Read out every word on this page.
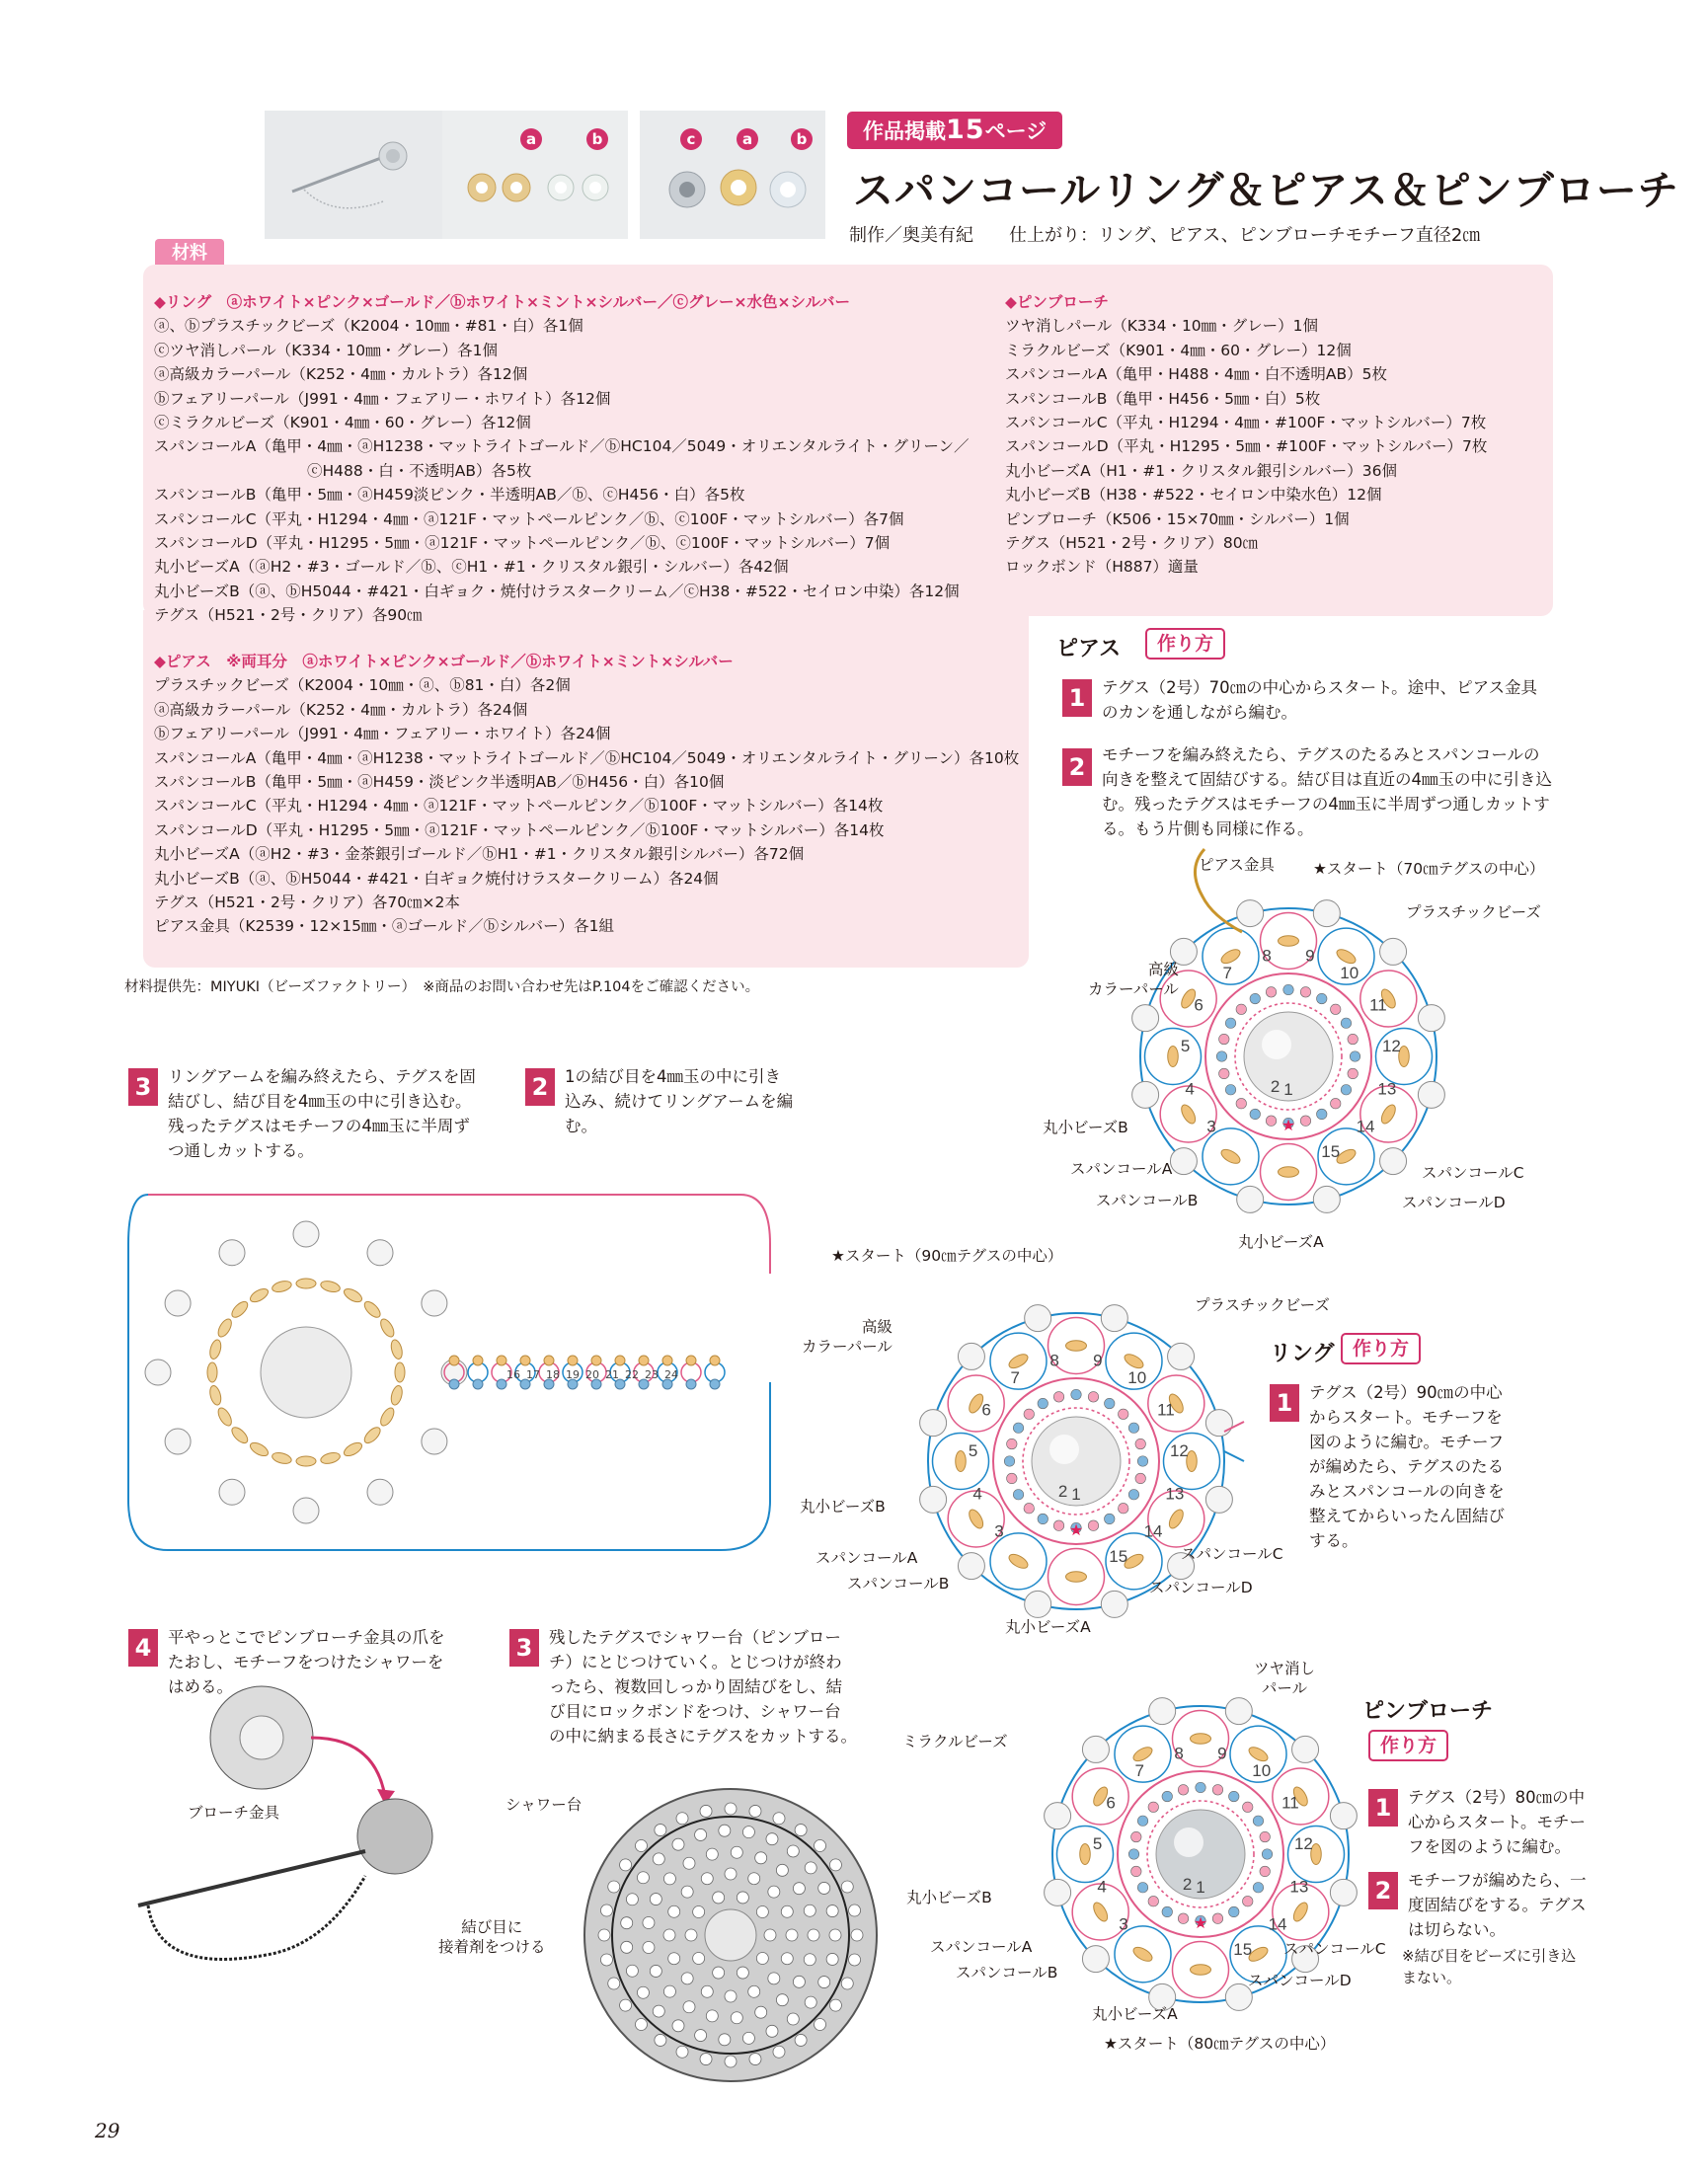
a	b	c	a	b	作品掲載15ページ
スパンコールリング＆ピアス＆ピンブローチ
制作／奥美有紀　　仕上がり：リング、ピアス、ピンブローチモチーフ直径2㎝
材料
◆リング　ⓐホワイト×ピンク×ゴールド／ⓑホワイト×ミント×シルバー／ⓒグレー×水色×シルバー
ⓐ、ⓑプラスチックビーズ（K2004・10㎜・#81・白）各1個
ⓒツヤ消しパール（K334・10㎜・グレー）各1個
ⓐ高級カラーパール（K252・4㎜・カルトラ）各12個
ⓑフェアリーパール（J991・4㎜・フェアリー・ホワイト）各12個
ⓒミラクルビーズ（K901・4㎜・60・グレー）各12個
スパンコールA（亀甲・4㎜・ⓐH1238・マットライトゴールド／ⓑHC104／5049・オリエンタルライト・グリーン／
　　　　　　　　　　ⓒH488・白・不透明AB）各5枚
スパンコールB（亀甲・5㎜・ⓐH459淡ピンク・半透明AB／ⓑ、ⓒH456・白）各5枚
スパンコールC（平丸・H1294・4㎜・ⓐ121F・マットペールピンク／ⓑ、ⓒ100F・マットシルバー）各7個
スパンコールD（平丸・H1295・5㎜・ⓐ121F・マットペールピンク／ⓑ、ⓒ100F・マットシルバー）7個
丸小ビーズA（ⓐH2・#3・ゴールド／ⓑ、ⓒH1・#1・クリスタル銀引・シルバー）各42個
丸小ビーズB（ⓐ、ⓑH5044・#421・白ギョク・焼付けラスタークリーム／ⓒH38・#522・セイロン中染）各12個
テグス（H521・2号・クリア）各90㎝
◆ピアス　※両耳分　ⓐホワイト×ピンク×ゴールド／ⓑホワイト×ミント×シルバー
プラスチックビーズ（K2004・10㎜・ⓐ、ⓑ81・白）各2個
ⓐ高級カラーパール（K252・4㎜・カルトラ）各24個
ⓑフェアリーパール（J991・4㎜・フェアリー・ホワイト）各24個
スパンコールA（亀甲・4㎜・ⓐH1238・マットライトゴールド／ⓑHC104／5049・オリエンタルライト・グリーン）各10枚
スパンコールB（亀甲・5㎜・ⓐH459・淡ピンク半透明AB／ⓑH456・白）各10個
スパンコールC（平丸・H1294・4㎜・ⓐ121F・マットペールピンク／ⓑ100F・マットシルバー）各14枚
スパンコールD（平丸・H1295・5㎜・ⓐ121F・マットペールピンク／ⓑ100F・マットシルバー）各14枚
丸小ビーズA（ⓐH2・#3・金茶銀引ゴールド／ⓑH1・#1・クリスタル銀引シルバー）各72個
丸小ビーズB（ⓐ、ⓑH5044・#421・白ギョク焼付けラスタークリーム）各24個
テグス（H521・2号・クリア）各70㎝×2本
ピアス金具（K2539・12×15㎜・ⓐゴールド／ⓑシルバー）各1組
◆ピンブローチ
ツヤ消しパール（K334・10㎜・グレー）1個
ミラクルビーズ（K901・4㎜・60・グレー）12個
スパンコールA（亀甲・H488・4㎜・白不透明AB）5枚
スパンコールB（亀甲・H456・5㎜・白）5枚
スパンコールC（平丸・H1294・4㎜・#100F・マットシルバー）7枚
スパンコールD（平丸・H1295・5㎜・#100F・マットシルバー）7枚
丸小ビーズA（H1・#1・クリスタル銀引シルバー）36個
丸小ビーズB（H38・#522・セイロン中染水色）12個
ピンブローチ（K506・15×70㎜・シルバー）1個
テグス（H521・2号・クリア）80㎝
ロックボンド（H887）適量
材料提供先：MIYUKI（ビーズファクトリー）　※商品のお問い合わせ先はP.104をご確認ください。
ピアス	作り方
1	テグス（2号）70㎝の中心からスタート。途中、ピアス金具のカンを通しながら編む。
2	モチーフを編み終えたら、テグスのたるみとスパンコールの向きを整えて固結びする。結び目は直近の4㎜玉の中に引き込む。残ったテグスはモチーフの4㎜玉に半周ずつ通しカットする。もう片側も同様に作る。
1
2
3
4
5
6
7
8 9
10
11
12
13
14
15
★
ピアス金具	★スタート（70㎝テグスの中心）
プラスチックビーズ
高級
カラーパール
丸小ビーズB
スパンコールA
スパンコールB
スパンコールC
スパンコールD
丸小ビーズA
3	リングアームを編み終えたら、テグスを固結びし、結び目を4㎜玉の中に引き込む。残ったテグスはモチーフの4㎜玉に半周ずつ通しカットする。
2	1の結び目を4㎜玉の中に引き込み、続けてリングアームを編む。
16 17 18 19 20 21 22 23 24
★スタート（90㎝テグスの中心）
1
2
3
4
5
6
7
8 9
10
11
12
13
14
15
★
プラスチックビーズ
高級
カラーパール
丸小ビーズB
スパンコールA
スパンコールB
スパンコールC
スパンコールD
丸小ビーズA
リング 作り方
1	テグス（2号）90㎝の中心からスタート。モチーフを図のように編む。モチーフが編めたら、テグスのたるみとスパンコールの向きを整えてからいったん固結びする。
4	平やっとこでピンブローチ金具の爪をたおし、モチーフをつけたシャワーをはめる。
3	残したテグスでシャワー台（ピンブローチ）にとじつけていく。とじつけが終わったら、複数回しっかり固結びをし、結び目にロックボンドをつけ、シャワー台の中に納まる長さにテグスをカットする。
ブローチ金具	シャワー台
結び目に
接着剤をつける
1
2
3
4
5
6
7
8 9
10
11
12
13
14
15
★
ツヤ消し
パール
ミラクルビーズ
丸小ビーズB
スパンコールA
スパンコールB
スパンコールC
スパンコールD
丸小ビーズA
★スタート（80㎝テグスの中心）
ピンブローチ
作り方
1	テグス（2号）80㎝の中心からスタート。モチーフを図のように編む。
2	モチーフが編めたら、一度固結びをする。テグスは切らない。
※結び目をビーズに引き込まない。
29
